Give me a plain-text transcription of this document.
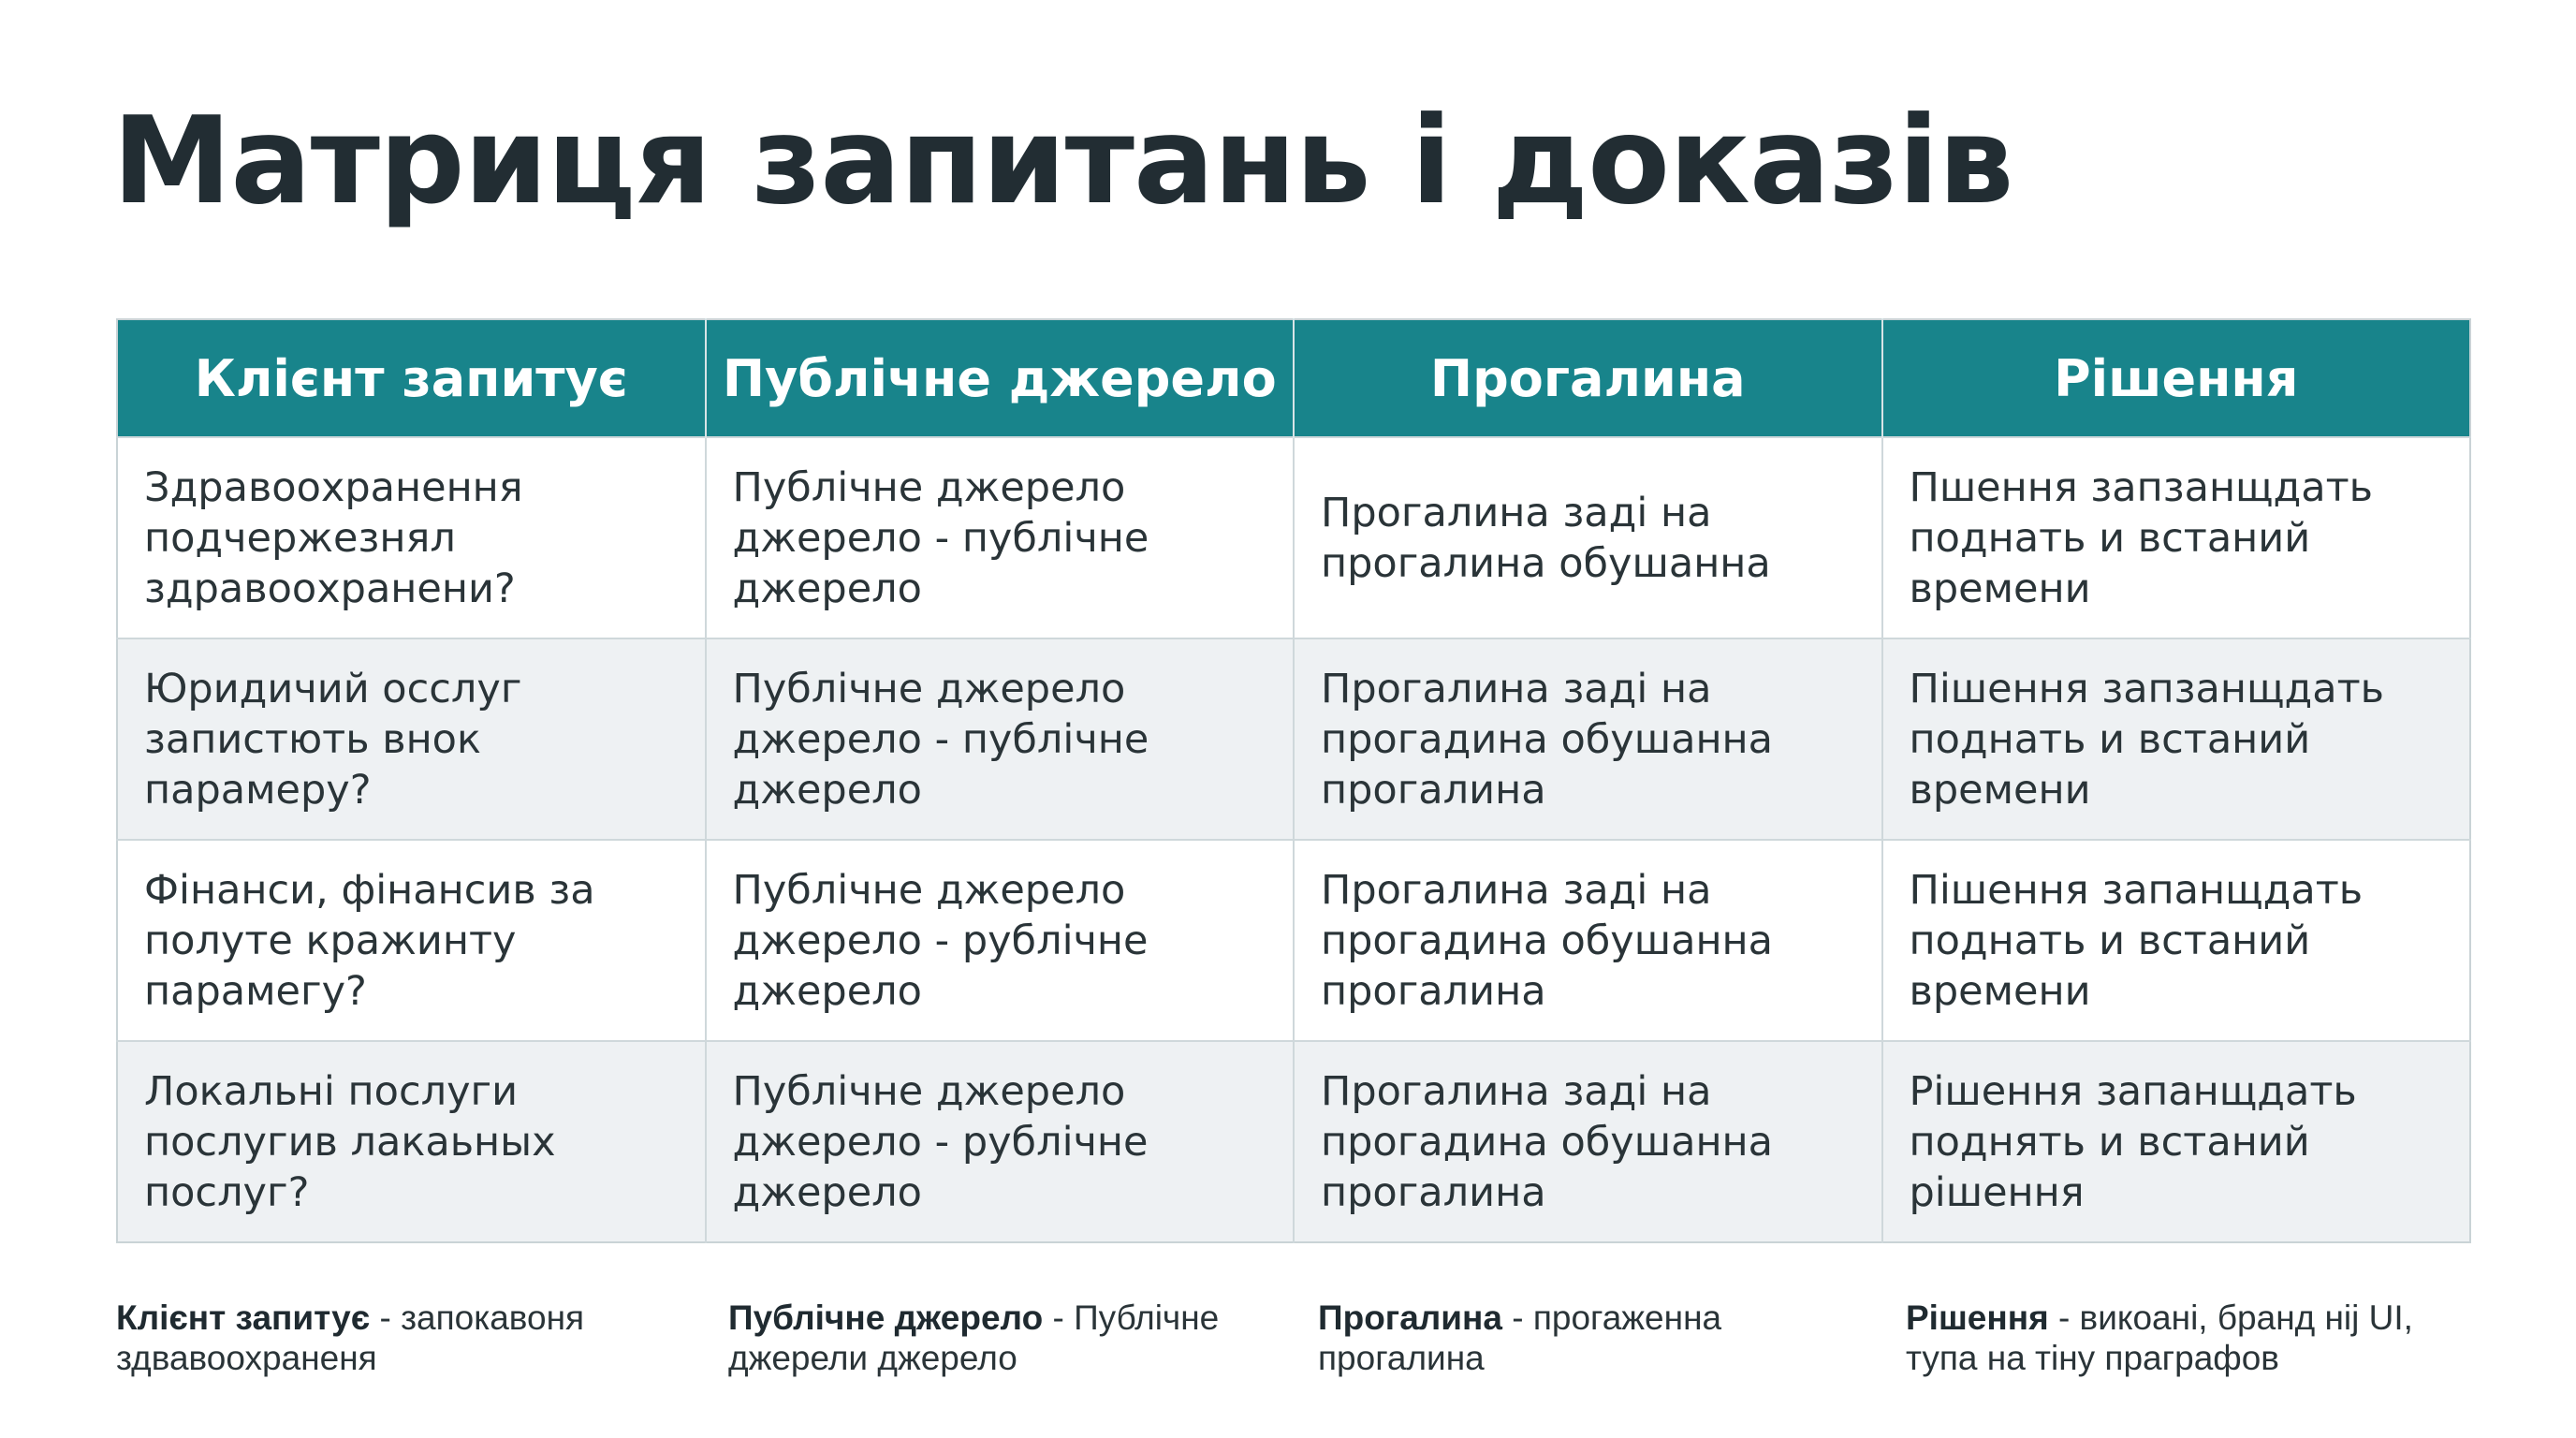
Матриця запитань і доказів
Клієнт запитує	Публічне джерело	Прогалина	Рішення

Здравоохранення
подчержезнял
здравоохранени?	Публічне джерело
джерело - публічне
джерело	Прогалина заді на
прогалина обушанна	Пшення запзанщдать
поднать и встаний
времени

Юридичий осслуг
запистють внок
парамеру?	Публічне джерело
джерело - публічне
джерело	Прогалина заді на
прогадина обушанна
прогалина	Пішення запзанщдать
поднать и встаний
времени

Фінанси, фінансив за
полуте кражинту
парамегу?	Публічне джерело
джерело - рублічне
джерело	Прогалина заді на
прогадина обушанна
прогалина	Пішення запанщдать
поднать и встаний
времени

Локальні послуги
послугив лакаьных
послуг?	Публічне джерело
джерело - рублічне
джерело	Прогалина заді на
прогадина обушанна
прогалина	Рішення запанщдать
поднять и встаний
рішення
Клієнт запитує - запокавоня
здвавоохраненя
Публічне джерело - Публічне
джерели джерело
Прогалина - прогаженна
прогалина
Рішення - викоані, бранд ніj UI,
тупа на тіну праграфов
